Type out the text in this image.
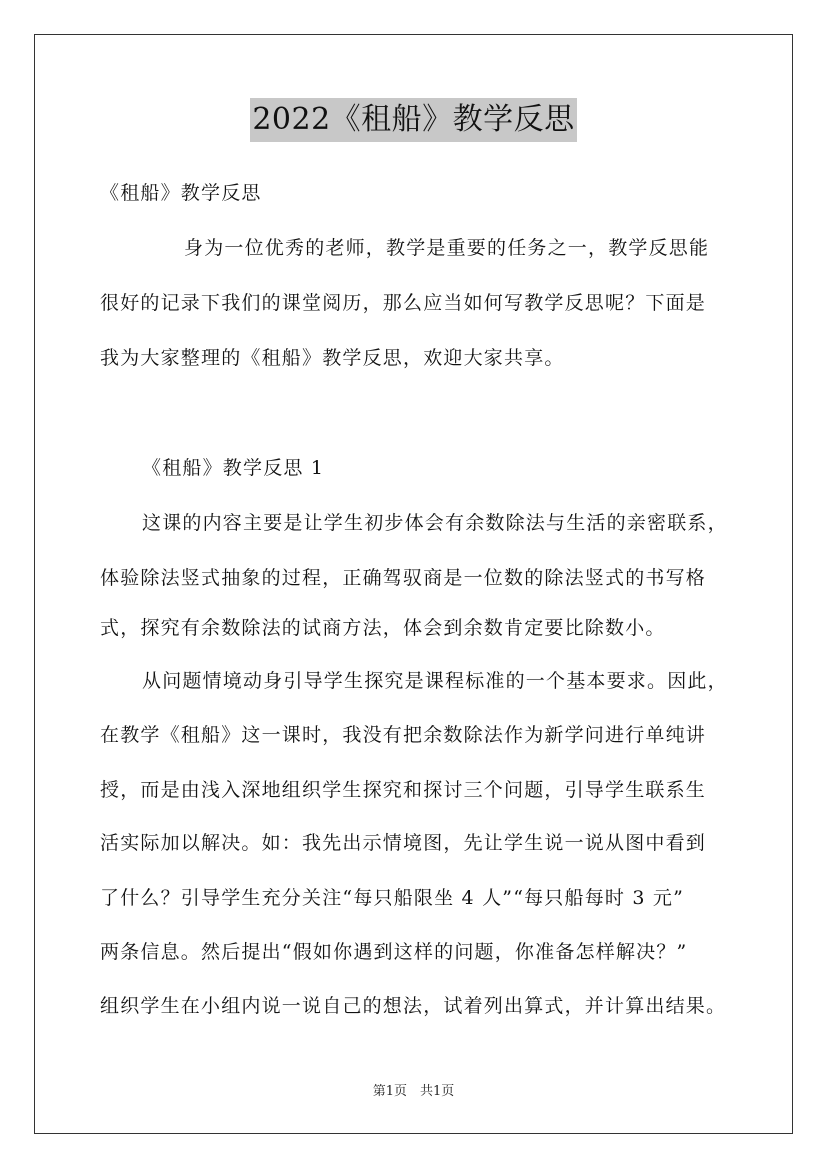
2022《租船》教学反思
《租船》教学反思
身为一位优秀的老师，教学是重要的任务之一，教学反思能
很好的记录下我们的课堂阅历，那么应当如何写教学反思呢？下面是
我为大家整理的《租船》教学反思，欢迎大家共享。
《租船》教学反思 1
这课的内容主要是让学生初步体会有余数除法与生活的亲密联系，
体验除法竖式抽象的过程，正确驾驭商是一位数的除法竖式的书写格
式，探究有余数除法的试商方法，体会到余数肯定要比除数小。
从问题情境动身引导学生探究是课程标准的一个基本要求。因此，
在教学《租船》这一课时，我没有把余数除法作为新学问进行单纯讲
授，而是由浅入深地组织学生探究和探讨三个问题，引导学生联系生
活实际加以解决。如：我先出示情境图，先让学生说一说从图中看到
了什么？引导学生充分关注“每只船限坐 4 人”“每只船每时 3 元”
两条信息。然后提出“假如你遇到这样的问题，你准备怎样解决？”
组织学生在小组内说一说自己的想法，试着列出算式，并计算出结果。
第1页　共1页
